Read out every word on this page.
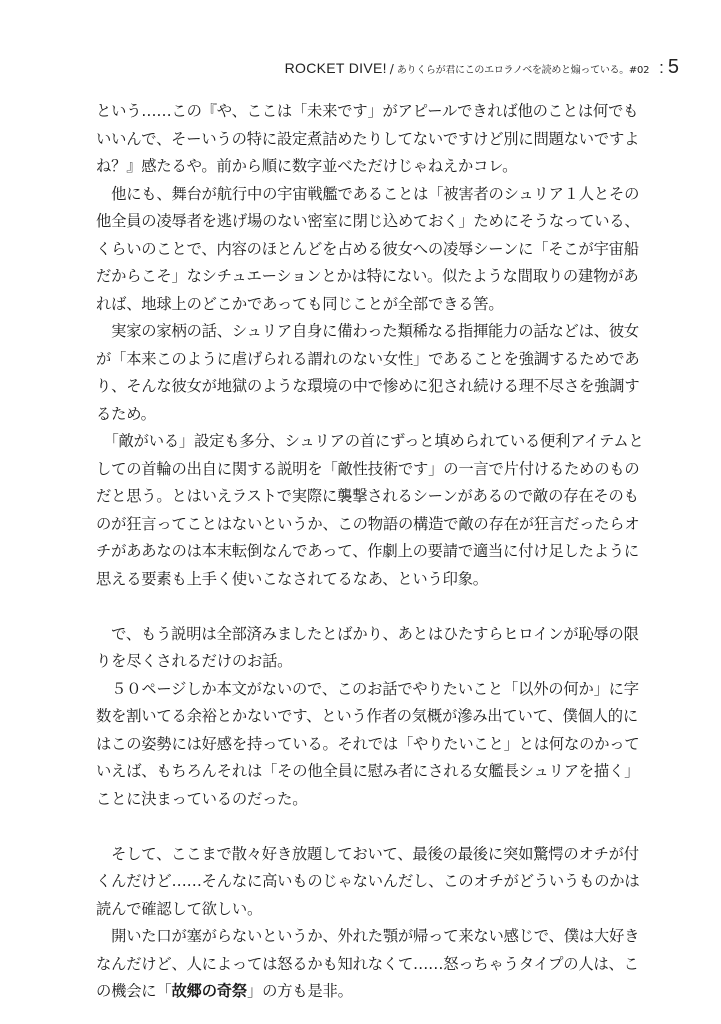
ROCKET DIVE! / ありくらが君にこのエロラノベを読めと煽っている。#02 : 5

という……この『や、ここは「未来です」がアピールできれば他のことは何でもいいんで、そーいうの特に設定煮詰めたりしてないですけど別に問題ないですよね？』感たるや。前から順に数字並べただけじゃねえかコレ。

　他にも、舞台が航行中の宇宙戦艦であることは「被害者のシュリア１人とその他全員の凌辱者を逃げ場のない密室に閉じ込めておく」ためにそうなっている、くらいのことで、内容のほとんどを占める彼女への凌辱シーンに「そこが宇宙船だからこそ」なシチュエーションとかは特にない。似たような間取りの建物があれば、地球上のどこかであっても同じことが全部できる筈。

　実家の家柄の話、シュリア自身に備わった類稀なる指揮能力の話などは、彼女が「本来このように虐げられる謂れのない女性」であることを強調するためであり、そんな彼女が地獄のような環境の中で惨めに犯され続ける理不尽さを強調するため。

　「敵がいる」設定も多分、シュリアの首にずっと填められている便利アイテムとしての首輪の出自に関する説明を「敵性技術です」の一言で片付けるためのものだと思う。とはいえラストで実際に襲撃されるシーンがあるので敵の存在そのものが狂言ってことはないというか、この物語の構造で敵の存在が狂言だったらオチがああなのは本末転倒なんであって、作劇上の要請で適当に付け足したように思える要素も上手く使いこなされてるなあ、という印象。

　で、もう説明は全部済みましたとばかり、あとはひたすらヒロインが恥辱の限りを尽くされるだけのお話。

　５０ページしか本文がないので、このお話でやりたいこと「以外の何か」に字数を割いてる余裕とかないです、という作者の気概が滲み出ていて、僕個人的にはこの姿勢には好感を持っている。それでは「やりたいこと」とは何なのかっていえば、もちろんそれは「その他全員に慰み者にされる女艦長シュリアを描く」ことに決まっているのだった。

　そして、ここまで散々好き放題しておいて、最後の最後に突如驚愕のオチが付くんだけど……そんなに高いものじゃないんだし、このオチがどういうものかは読んで確認して欲しい。

　開いた口が塞がらないというか、外れた顎が帰って来ない感じで、僕は大好きなんだけど、人によっては怒るかも知れなくて……怒っちゃうタイプの人は、この機会に「故郷の奇祭」の方も是非。
